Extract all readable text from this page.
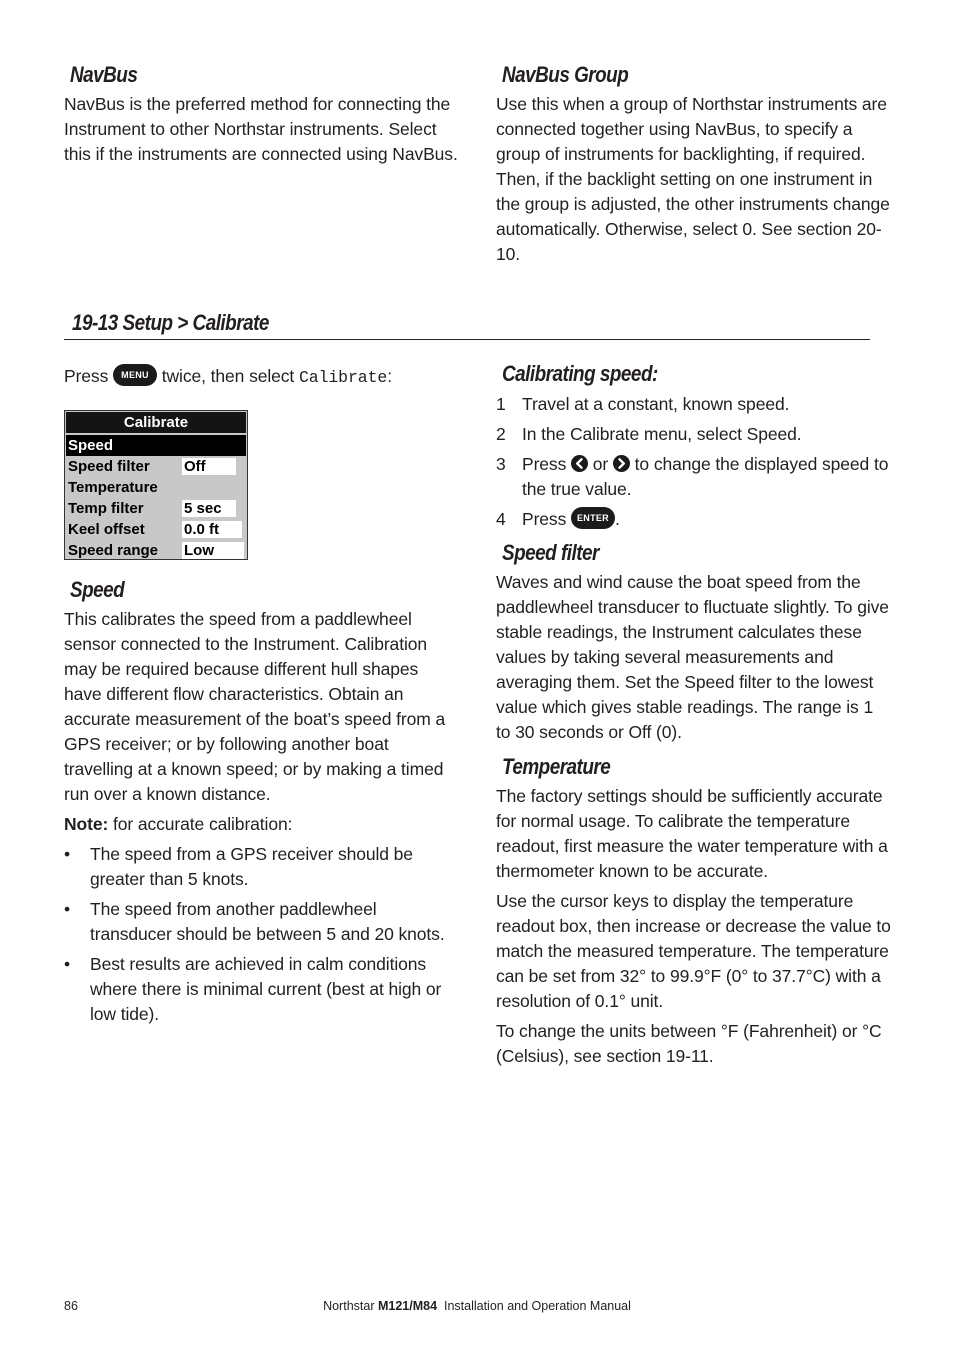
NavBus
NavBus is the preferred method for connecting the Instrument to other Northstar instruments. Select this if the instruments are connected using NavBus.
NavBus Group
Use this when a group of Northstar instruments are connected together using NavBus, to specify a group of instruments for backlighting, if required. Then, if the backlight setting on one instrument in the group is adjusted, the other instruments change automatically. Otherwise, select 0. See section 20-10.
19-13 Setup > Calibrate
Press MENU twice, then select Calibrate:
Calibrate
Speed
Speed filter	Off
Temperature
Temp filter	5 sec
Keel offset	0.0 ft
Speed range	Low
Speed
This calibrates the speed from a paddlewheel sensor connected to the Instrument. Calibration may be required because different hull shapes have different flow characteristics. Obtain an accurate measurement of the boat’s speed from a GPS receiver; or by following another boat travelling at a known speed; or by making a timed run over a known distance.
Note: for accurate calibration:
•	The speed from a GPS receiver should be greater than 5 knots.
•	The speed from another paddlewheel transducer should be between 5 and 20 knots.
•	Best results are achieved in calm conditions where there is minimal current (best at high or low tide).
Calibrating speed:
1 Travel at a constant, known speed.
2 In the Calibrate menu, select Speed.
3 Press or to change the displayed speed to the true value.
4 Press ENTER .
Speed filter
Waves and wind cause the boat speed from the paddlewheel transducer to fluctuate slightly. To give stable readings, the Instrument calculates these values by taking several measurements and averaging them. Set the Speed filter to the lowest value which gives stable readings. The range is 1 to 30 seconds or Off (0).
Temperature
The factory settings should be sufficiently accurate for normal usage. To calibrate the temperature readout, first measure the water temperature with a thermometer known to be accurate.
Use the cursor keys to display the temperature readout box, then increase or decrease the value to match the measured temperature. The temperature can be set from 32° to 99.9°F (0° to 37.7°C) with a resolution of 0.1° unit.
To change the units between °F (Fahrenheit) or °C (Celsius), see section 19-11.
86	Northstar M121/M84  Installation and Operation Manual
